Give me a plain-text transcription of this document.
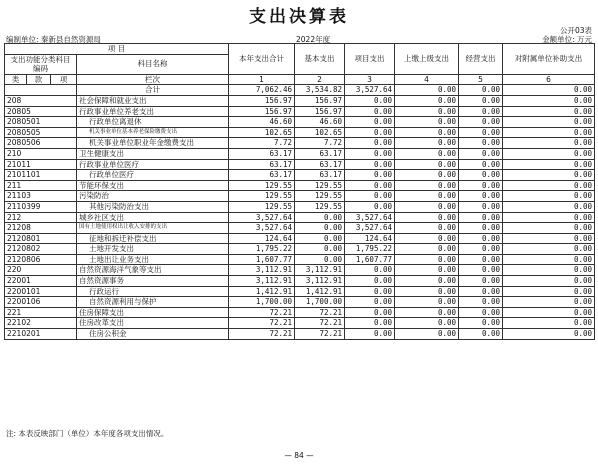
支出决算表
公开03表
编制单位: 秦新县自然资源局	2022年度	金额单位: 万元
项 目				本年支出合计	基本支出	项目支出	上缴上级支出	经营支出	对附属单位补助支出
支出功能分类科目编码			科目名称						

类	款	项							
			栏次	1	2	3	4	5	6
			合计	7,062.46	3,534.82	3,527.64	0.00	0.00	0.00
208			社会保障和就业支出	156.97	156.97	0.00	0.00	0.00	0.00
20805			行政事业单位养老支出	156.97	156.97	0.00	0.00	0.00	0.00
2080501			行政单位离退休	46.60	46.60	0.00	0.00	0.00	0.00
2080505			机关事业单位基本养老保险缴费支出	102.65	102.65	0.00	0.00	0.00	0.00
2080506			机关事业单位职业年金缴费支出	7.72	7.72	0.00	0.00	0.00	0.00
210			卫生健康支出	63.17	63.17	0.00	0.00	0.00	0.00
21011			行政事业单位医疗	63.17	63.17	0.00	0.00	0.00	0.00
2101101			行政单位医疗	63.17	63.17	0.00	0.00	0.00	0.00
211			节能环保支出	129.55	129.55	0.00	0.00	0.00	0.00
21103			污染防治	129.55	129.55	0.00	0.00	0.00	0.00
2110399			其他污染防治支出	129.55	129.55	0.00	0.00	0.00	0.00
212			城乡社区支出	3,527.64	0.00	3,527.64	0.00	0.00	0.00
21208			国有土地使用权出让收入安排的支出	3,527.64	0.00	3,527.64	0.00	0.00	0.00
2120801			征地和拆迁补偿支出	124.64	0.00	124.64	0.00	0.00	0.00
2120802			土地开发支出	1,795.22	0.00	1,795.22	0.00	0.00	0.00
2120806			土地出让业务支出	1,607.77	0.00	1,607.77	0.00	0.00	0.00
220			自然资源海洋气象等支出	3,112.91	3,112.91	0.00	0.00	0.00	0.00
22001			自然资源事务	3,112.91	3,112.91	0.00	0.00	0.00	0.00
2200101			行政运行	1,412.91	1,412.91	0.00	0.00	0.00	0.00
2200106			自然资源利用与保护	1,700.00	1,700.00	0.00	0.00	0.00	0.00
221			住房保障支出	72.21	72.21	0.00	0.00	0.00	0.00
22102			住房改革支出	72.21	72.21	0.00	0.00	0.00	0.00
2210201			住房公积金	72.21	72.21	0.00	0.00	0.00	0.00
注: 本表反映部门（单位）本年度各项支出情况。
— 84 —
